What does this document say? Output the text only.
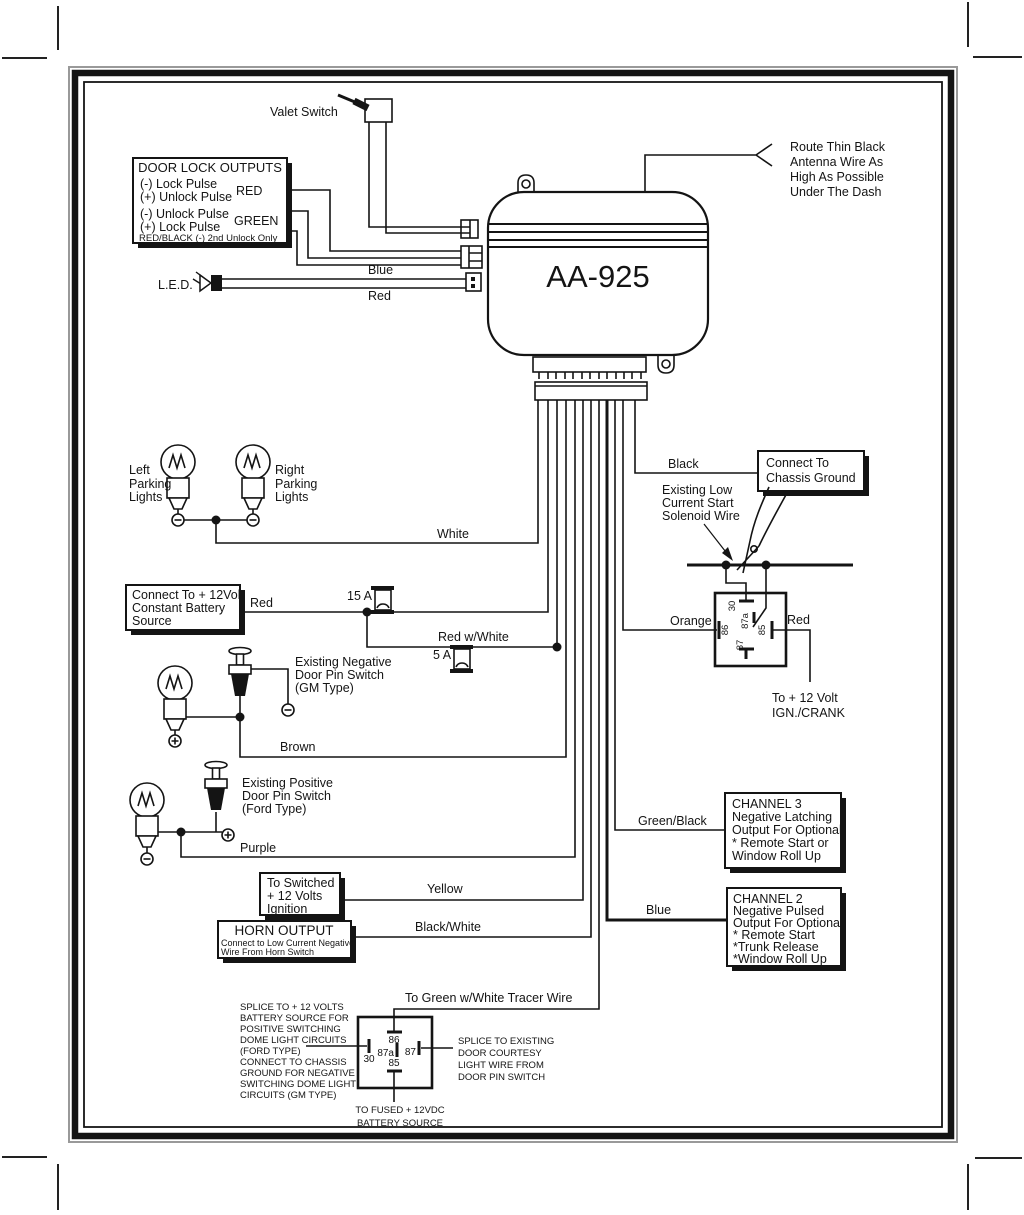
Valet Switch
DOOR LOCK OUTPUTS
(-) Lock Pulse
(+) Unlock Pulse RED
(-) Unlock Pulse
(+) Lock Pulse GREEN
RED/BLACK (-) 2nd Unlock Only
L.E.D.
Blue
Red
Route Thin Black
Antenna Wire As
High As Possible
Under The Dash
AA-925
Left
Parking
Lights
Right
Parking
Lights
White
Connect To + 12Volt
Constant Battery
Source
Red	15 A
Red w/White
5 A
Existing Negative
Door Pin Switch
(GM Type)
Brown
Existing Positive
Door Pin Switch
(Ford Type)
Purple
To Switched
+ 12 Volts
Ignition
Yellow
HORN OUTPUT
Connect to Low Current Negative
Wire From Horn Switch
Black/White
Connect To
Chassis Ground
Black
Existing Low
Current Start
Solenoid Wire
30
87a
86	85
87
Orange	Red
To + 12 Volt
IGN./CRANK
CHANNEL 3
Negative Latching
Output For Optional
* Remote Start or
Window Roll Up
Green/Black
CHANNEL 2
Negative Pulsed
Output For Optional
* Remote Start
*Trunk Release
*Window Roll Up
Blue
To Green w/White Tracer Wire
86
30
87a 87
85
SPLICE TO + 12 VOLTS
BATTERY SOURCE FOR
POSITIVE SWITCHING
DOME LIGHT CIRCUITS
(FORD TYPE)
CONNECT TO CHASSIS
GROUND FOR NEGATIVE
SWITCHING DOME LIGHT
CIRCUITS (GM TYPE)
SPLICE TO EXISTING
DOOR COURTESY
LIGHT WIRE FROM
DOOR PIN SWITCH
TO FUSED + 12VDC
BATTERY SOURCE
